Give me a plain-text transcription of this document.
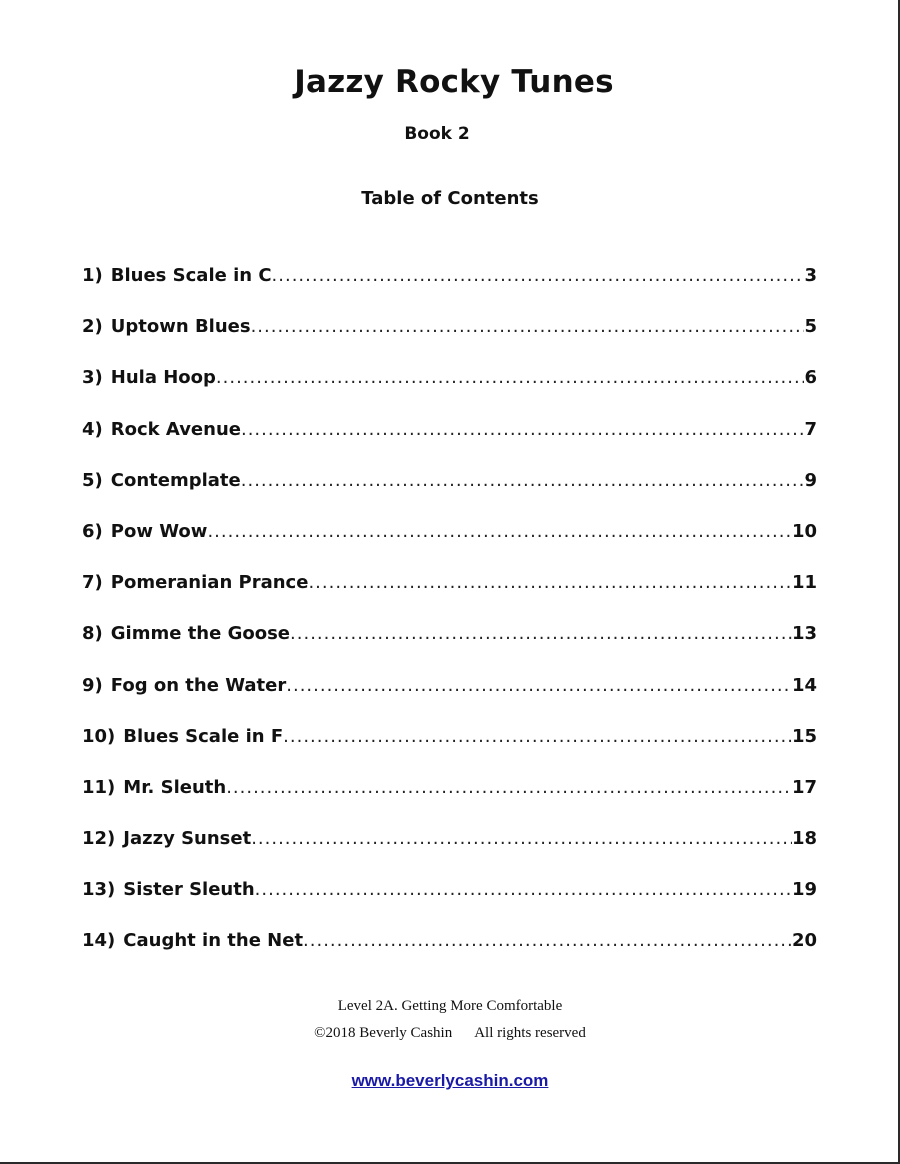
Jazzy Rocky Tunes
Book 2
Table of Contents
1) Blues Scale in C .....	3
2) Uptown Blues .....	5
3) Hula Hoop .....	6
4) Rock Avenue .....	7
5) Contemplate .....	9
6) Pow Wow .....	10
7) Pomeranian Prance .....	11
8) Gimme the Goose .....	13
9) Fog on the Water .....	14
10) Blues Scale in F .....	15
11) Mr. Sleuth .....	17
12) Jazzy Sunset .....	18
13) Sister Sleuth .....	19
14) Caught in the Net .....	20
Level 2A. Getting More Comfortable
©2018 Beverly Cashin All rights reserved
www.beverlycashin.com
